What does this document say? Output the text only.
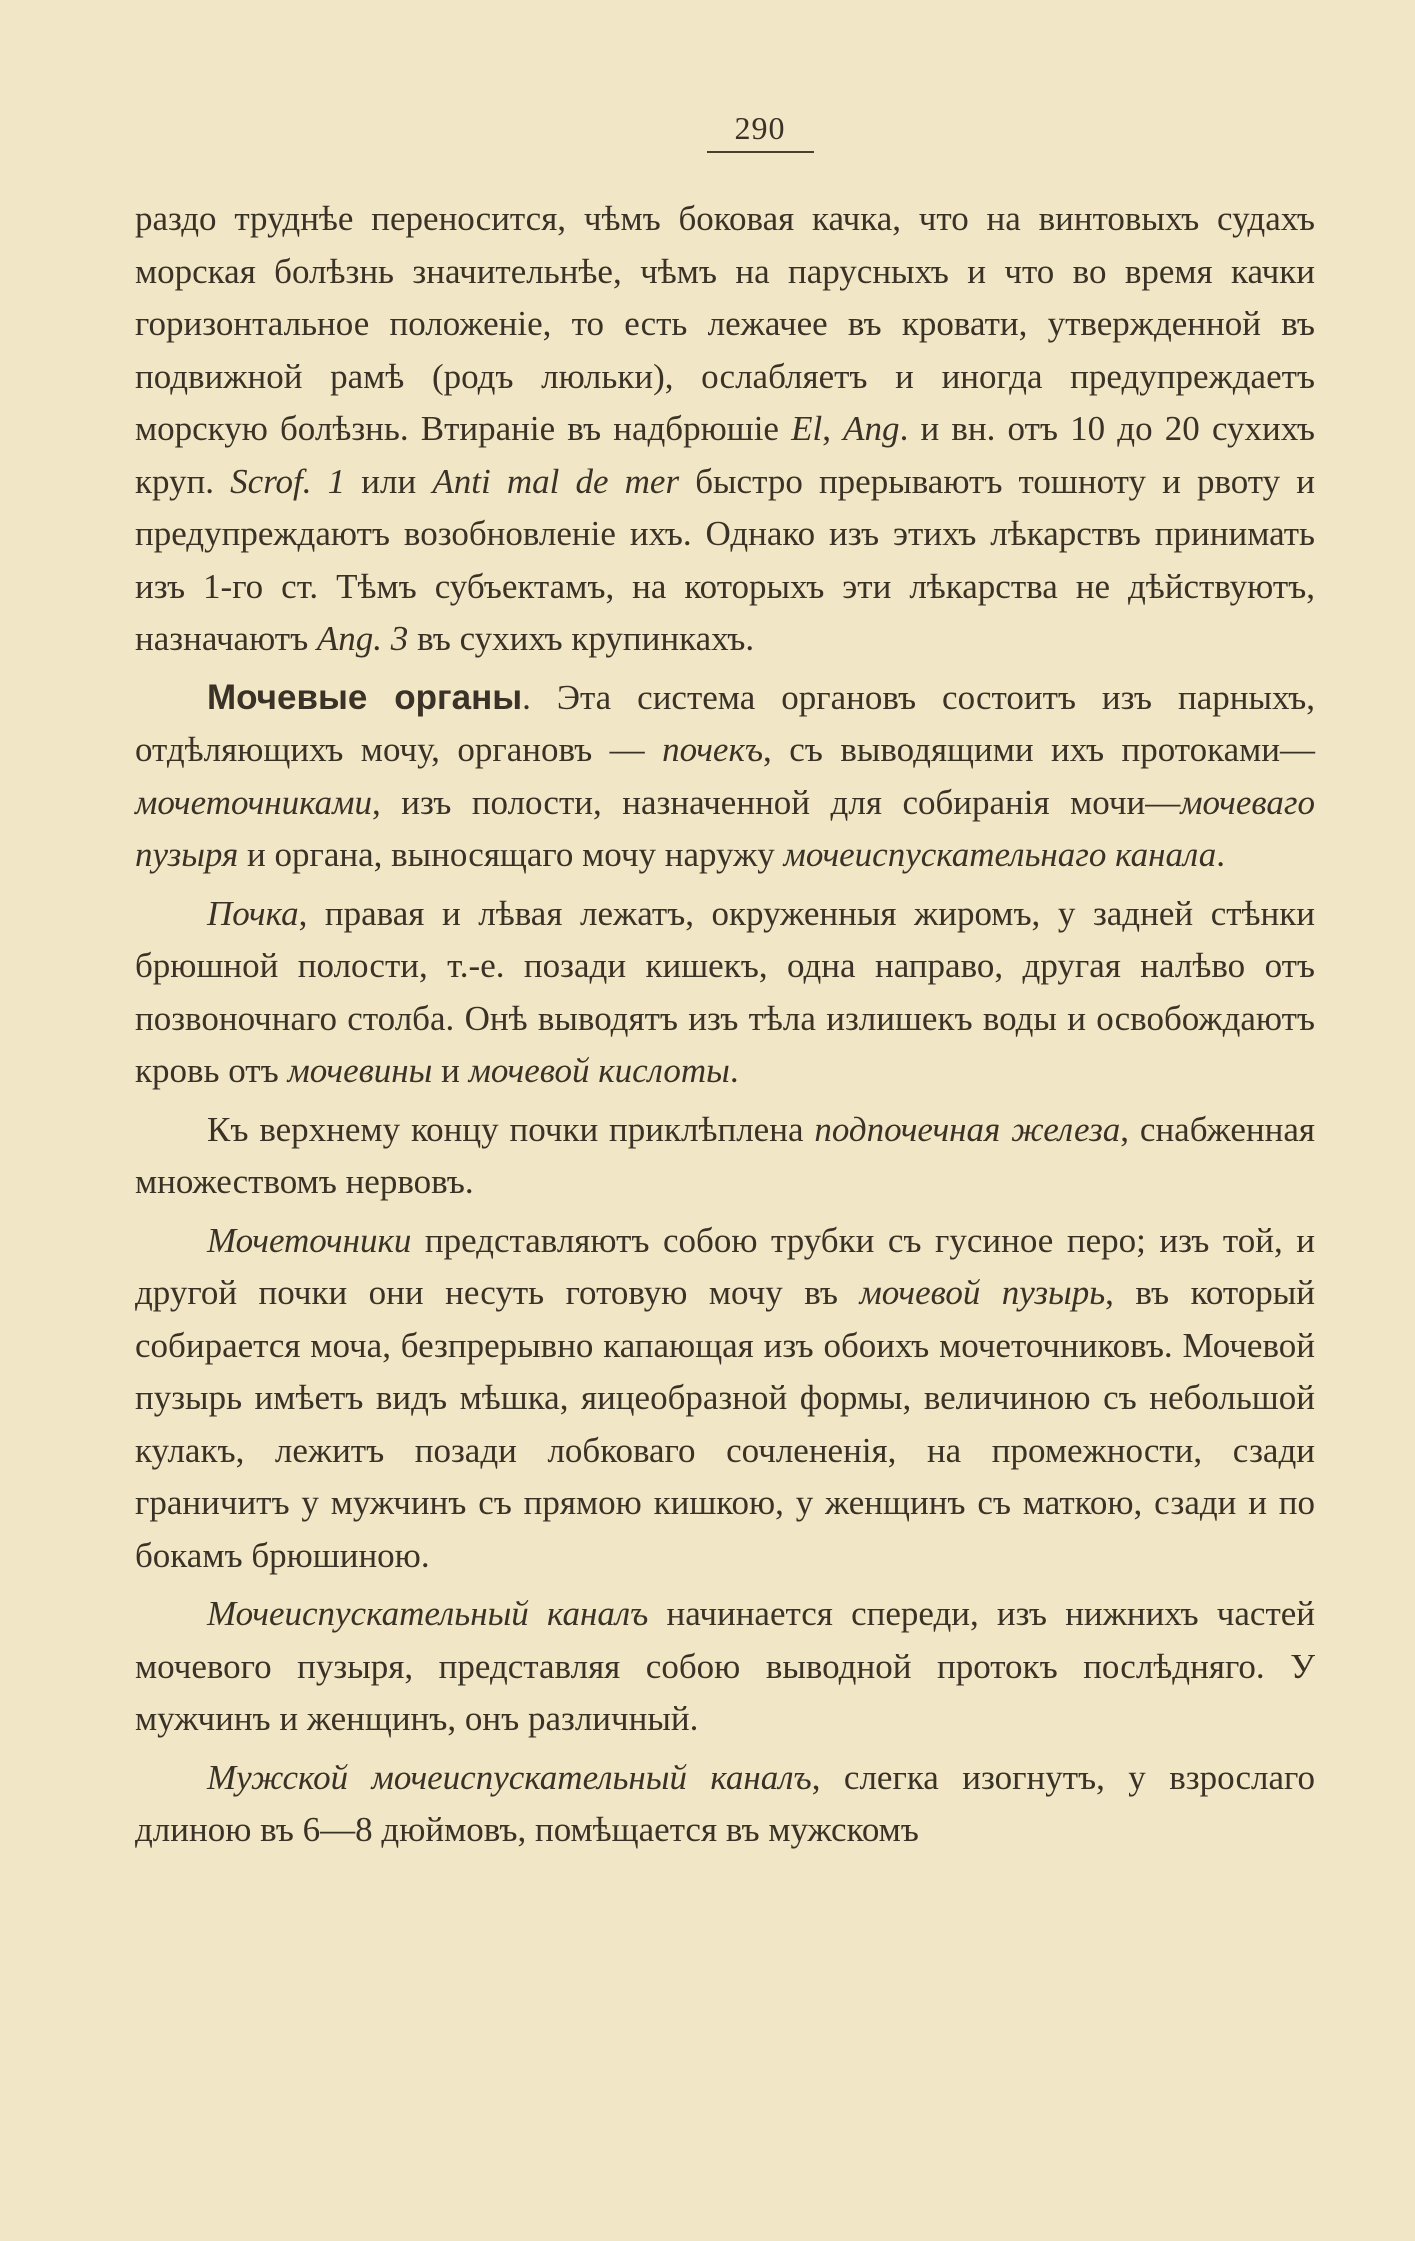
290

раздо труднѣе переносится, чѣмъ боковая качка, что на винтовыхъ судахъ морская болѣзнь значительнѣе, чѣмъ на парусныхъ и что во время качки горизонтальное положеніе, то есть лежачее въ кровати, утвержденной въ подвижной рамѣ (родъ люльки), ослабляетъ и иногда предупреждаетъ морскую болѣзнь. Втираніе въ надбрюшіе El, Ang. и вн. отъ 10 до 20 сухихъ круп. Scrof. 1 или Anti mal de mer быстро прерываютъ тошноту и рвоту и предупреждаютъ возобновленіе ихъ. Однако изъ этихъ лѣкарствъ принимать изъ 1-го ст. Тѣмъ субъектамъ, на которыхъ эти лѣкарства не дѣйствуютъ, назначаютъ Ang. 3 въ сухихъ крупинкахъ.

Мочевые органы. Эта система органовъ состоитъ изъ парныхъ, отдѣляющихъ мочу, органовъ — почекъ, съ выводящими ихъ протоками—мочеточниками, изъ полости, назначенной для собиранія мочи—мочеваго пузыря и органа, выносящаго мочу наружу мочеиспускательнаго канала.

Почка, правая и лѣвая лежатъ, окруженныя жиромъ, у задней стѣнки брюшной полости, т.-е. позади кишекъ, одна направо, другая налѣво отъ позвоночнаго столба. Онѣ выводятъ изъ тѣла излишекъ воды и освобождаютъ кровь отъ мочевины и мочевой кислоты.

Къ верхнему концу почки приклѣплена подпочечная железа, снабженная множествомъ нервовъ.

Мочеточники представляютъ собою трубки съ гусиное перо; изъ той, и другой почки они несуть готовую мочу въ мочевой пузырь, въ который собирается моча, безпрерывно капающая изъ обоихъ мочеточниковъ. Мочевой пузырь имѣетъ видъ мѣшка, яицеобразной формы, величиною съ небольшой кулакъ, лежитъ позади лобковаго сочлененія, на промежности, сзади граничитъ у мужчинъ съ прямою кишкою, у женщинъ съ маткою, сзади и по бокамъ брюшиною.

Мочеиспускательный каналъ начинается спереди, изъ нижнихъ частей мочевого пузыря, представляя собою выводной протокъ послѣдняго. У мужчинъ и женщинъ, онъ различный.

Мужской мочеиспускательный каналъ, слегка изогнутъ, у взрослаго длиною въ 6—8 дюймовъ, помѣщается въ мужскомъ
